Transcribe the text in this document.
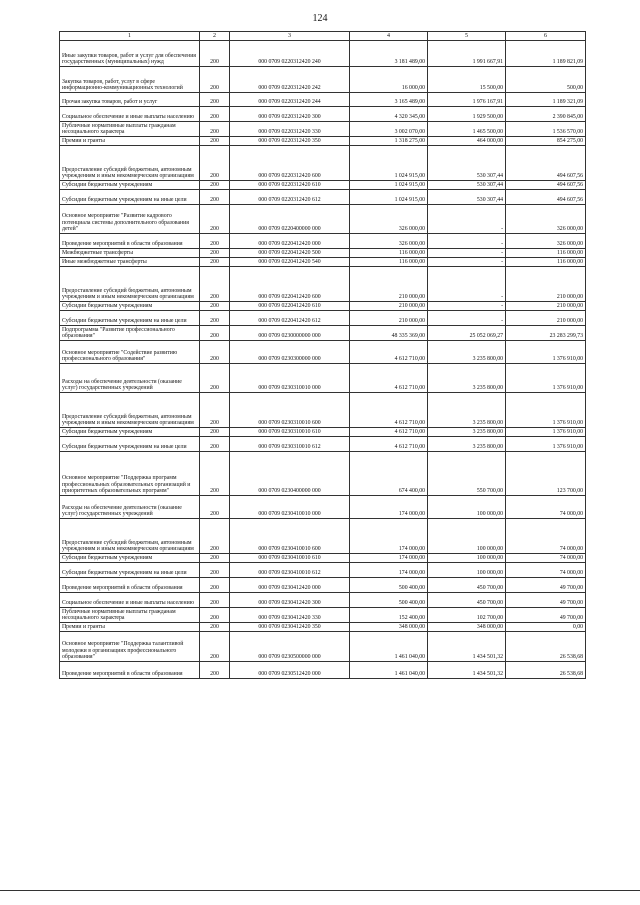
124
1	2	3	4	5	6
Иные закупки товаров, работ и услуг для обеспечения государственных (муниципальных) нужд	200	000 0709 0220312420 240	3 181 489,00	1 991 667,91	1 189 821,09
Закупка товаров, работ, услуг в сфере информационно-коммуникационных технологий	200	000 0709 0220312420 242	16 000,00	15 500,00	500,00
Прочая закупка товаров, работ и услуг	200	000 0709 0220312420 244	3 165 489,00	1 976 167,91	1 189 321,09
Социальное обеспечение и иные выплаты населению	200	000 0709 0220312420 300	4 320 345,00	1 929 500,00	2 390 845,00
Публичные нормативные выплаты гражданам несоциального характера	200	000 0709 0220312420 330	3 002 070,00	1 465 500,00	1 536 570,00
Премии и гранты	200	000 0709 0220312420 350	1 318 275,00	464 000,00	854 275,00
Предоставление субсидий бюджетным, автономным учреждениям и иным некоммерческим организациям	200	000 0709 0220312420 600	1 024 915,00	530 307,44	494 607,56
Субсидии бюджетным учреждениям	200	000 0709 0220312420 610	1 024 915,00	530 307,44	494 607,56
Субсидии бюджетным учреждениям на иные цели	200	000 0709 0220312420 612	1 024 915,00	530 307,44	494 607,56
Основное мероприятие "Развитие кадрового потенциала системы дополнительного образования детей"	200	000 0709 0220400000 000	326 000,00	-	326 000,00
Проведение мероприятий в области образования	200	000 0709 0220412420 000	326 000,00	-	326 000,00
Межбюджетные трансферты	200	000 0709 0220412420 500	116 000,00	-	116 000,00
Иные межбюджетные трансферты	200	000 0709 0220412420 540	116 000,00	-	116 000,00
Предоставление субсидий бюджетным, автономным учреждениям и иным некоммерческим организациям	200	000 0709 0220412420 600	210 000,00	-	210 000,00
Субсидии бюджетным учреждениям	200	000 0709 0220412420 610	210 000,00	-	210 000,00
Субсидии бюджетным учреждениям на иные цели	200	000 0709 0220412420 612	210 000,00	-	210 000,00
Подпрограмма "Развитие профессионального образования"	200	000 0709 0230000000 000	48 335 369,00	25 052 069,27	23 283 299,73
Основное мероприятие "Содействие развитию профессионального образования"	200	000 0709 0230300000 000	4 612 710,00	3 235 800,00	1 376 910,00
Расходы на обеспечение деятельности (оказание услуг) государственных учреждений	200	000 0709 0230310010 000	4 612 710,00	3 235 800,00	1 376 910,00
Предоставление субсидий бюджетным, автономным учреждениям и иным некоммерческим организациям	200	000 0709 0230310010 600	4 612 710,00	3 235 800,00	1 376 910,00
Субсидии бюджетным учреждениям	200	000 0709 0230310010 610	4 612 710,00	3 235 800,00	1 376 910,00
Субсидии бюджетным учреждениям на иные цели	200	000 0709 0230310010 612	4 612 710,00	3 235 800,00	1 376 910,00
Основное мероприятие "Поддержка программ профессиональных образовательных организаций и приоритетных образовательных программ"	200	000 0709 0230400000 000	674 400,00	550 700,00	123 700,00
Расходы на обеспечение деятельности (оказание услуг) государственных учреждений	200	000 0709 0230410010 000	174 000,00	100 000,00	74 000,00
Предоставление субсидий бюджетным, автономным учреждениям и иным некоммерческим организациям	200	000 0709 0230410010 600	174 000,00	100 000,00	74 000,00
Субсидии бюджетным учреждениям	200	000 0709 0230410010 610	174 000,00	100 000,00	74 000,00
Субсидии бюджетным учреждениям на иные цели	200	000 0709 0230410010 612	174 000,00	100 000,00	74 000,00
Проведение мероприятий в области образования	200	000 0709 0230412420 000	500 400,00	450 700,00	49 700,00
Социальное обеспечение и иные выплаты населению	200	000 0709 0230412420 300	500 400,00	450 700,00	49 700,00
Публичные нормативные выплаты гражданам несоциального характера	200	000 0709 0230412420 330	152 400,00	102 700,00	49 700,00
Премии и гранты	200	000 0709 0230412420 350	348 000,00	348 000,00	0,00
Основное мероприятие "Поддержка талантливой молодежи в организациях профессионального образования"	200	000 0709 0230500000 000	1 461 040,00	1 434 501,32	26 538,68
Проведение мероприятий в области образования	200	000 0709 0230512420 000	1 461 040,00	1 434 501,32	26 538,68
